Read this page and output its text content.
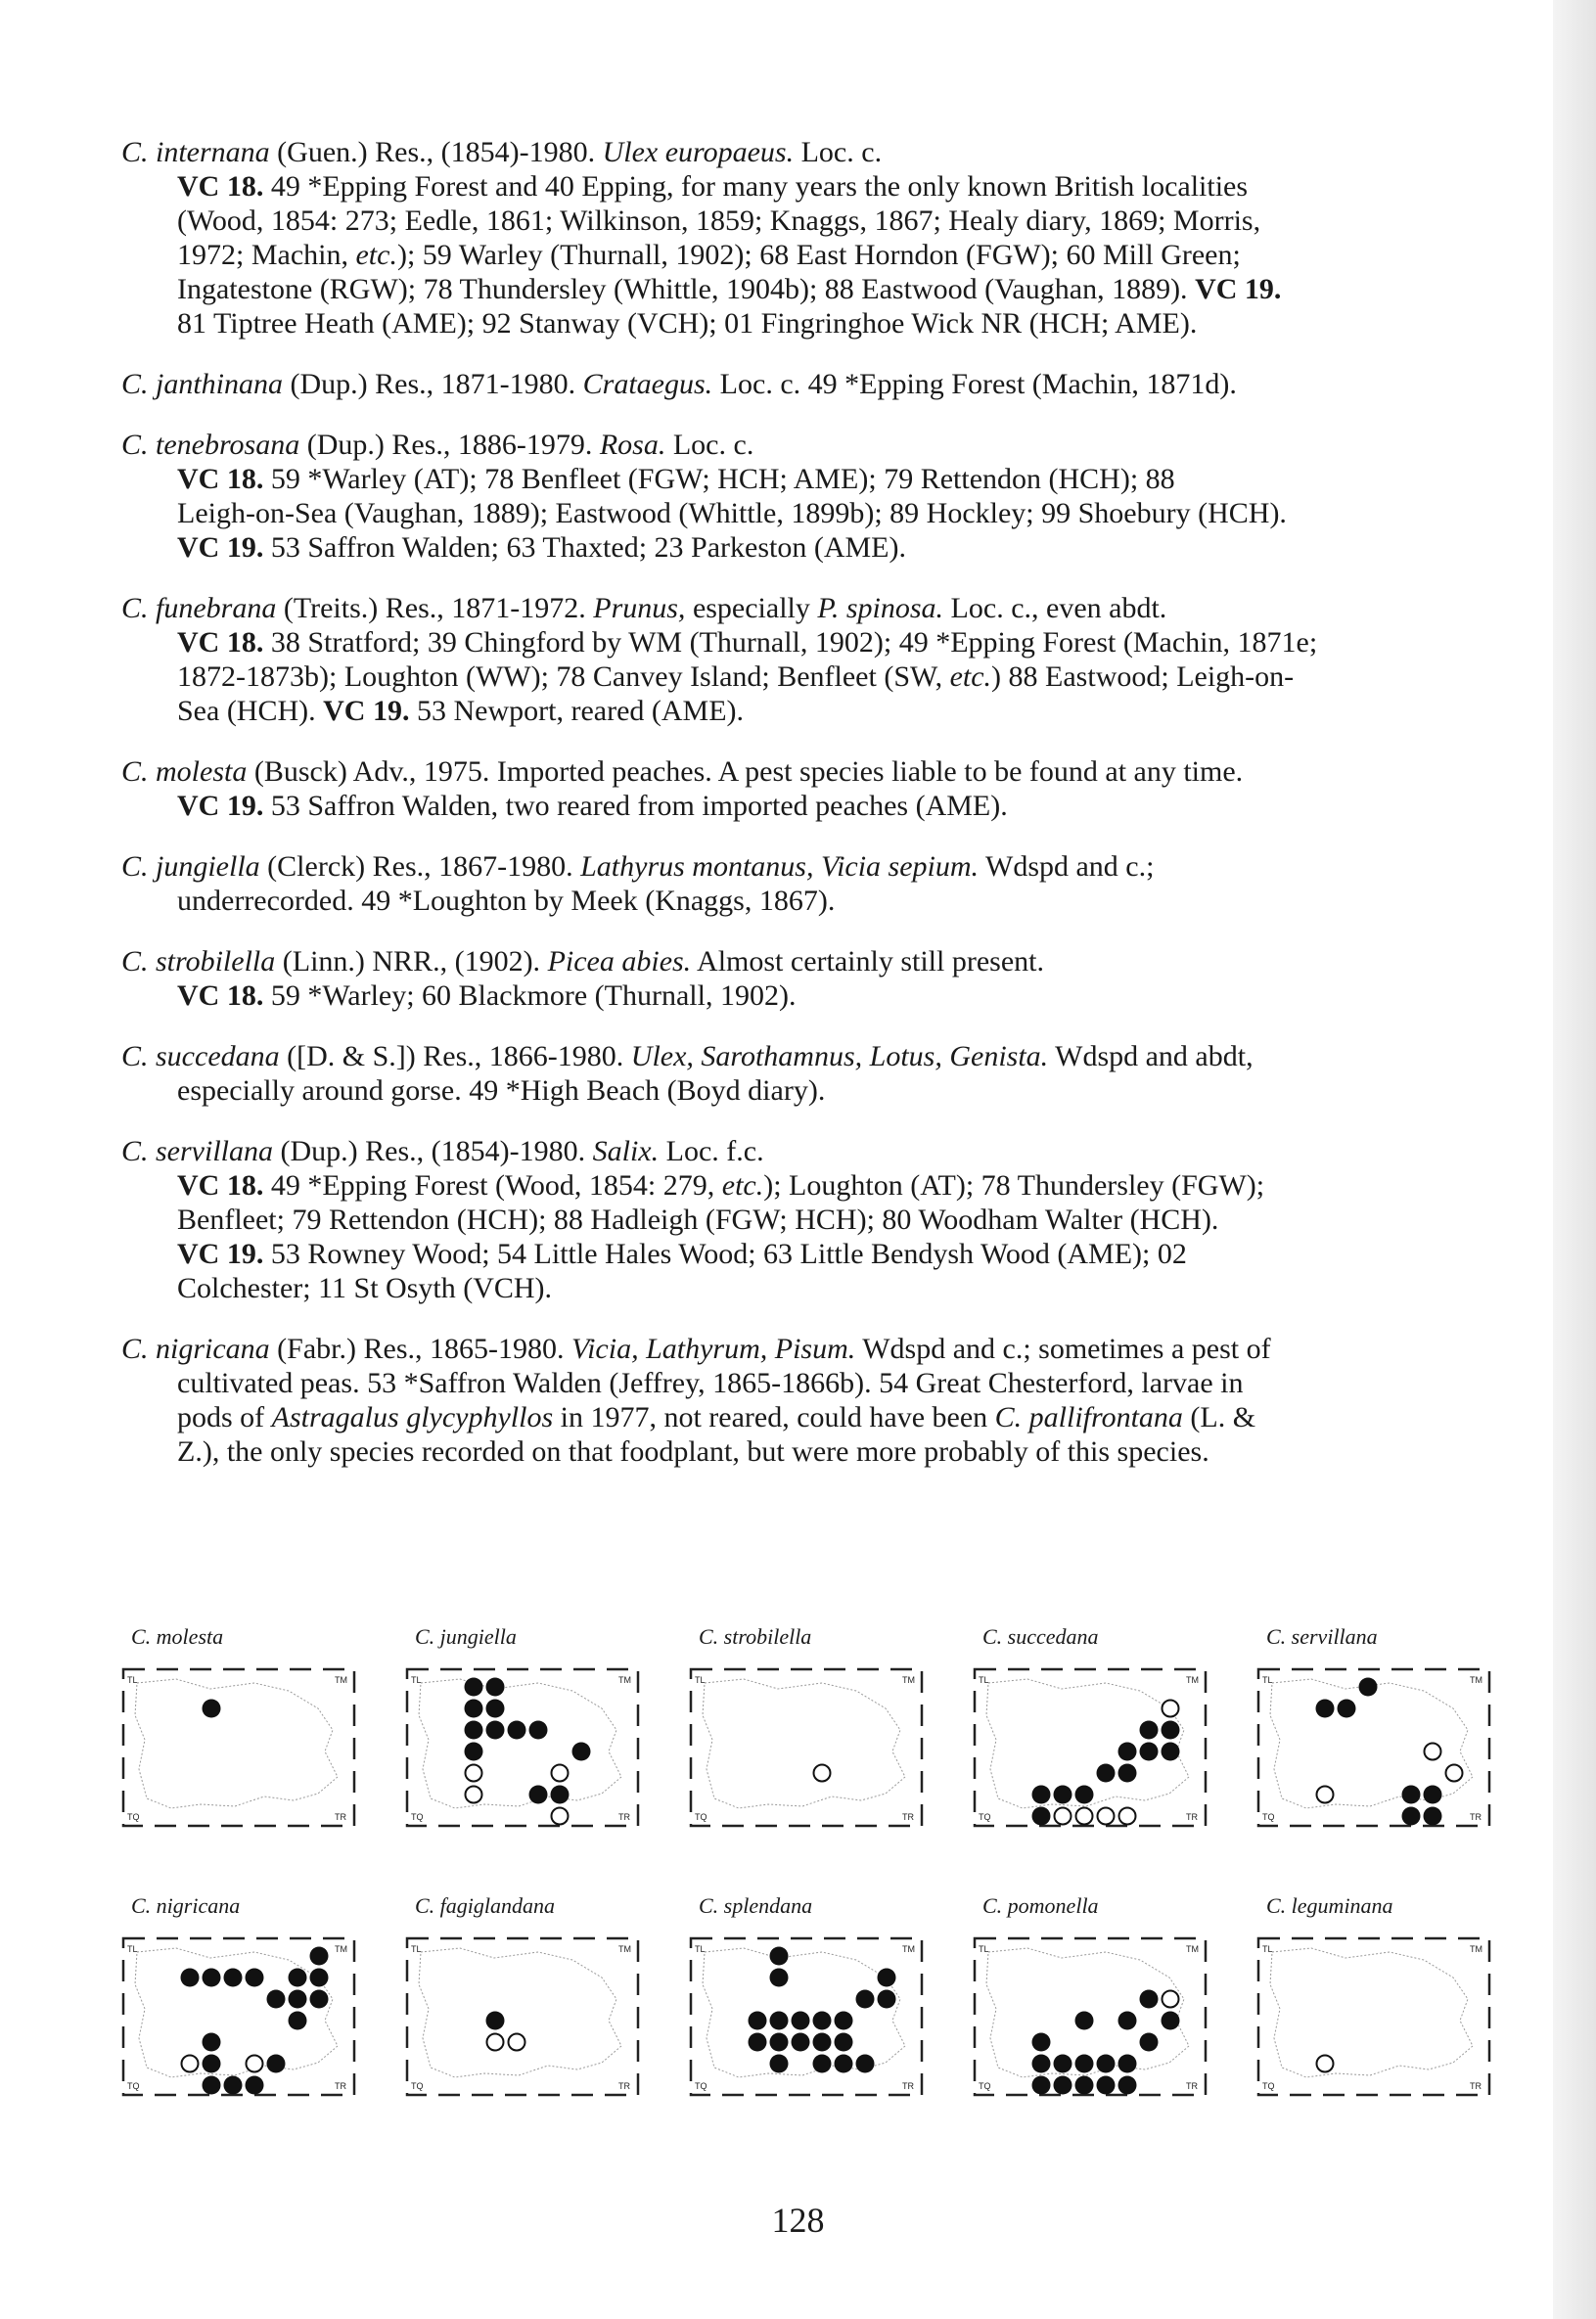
C. internana (Guen.) Res., (1854)-1980. Ulex europaeus. Loc. c.

VC 18. 49 *Epping Forest and 40 Epping, for many years the only known British localities

(Wood, 1854: 273; Eedle, 1861; Wilkinson, 1859; Knaggs, 1867; Healy diary, 1869; Morris,

1972; Machin, etc.); 59 Warley (Thurnall, 1902); 68 East Horndon (FGW); 60 Mill Green;

Ingatestone (RGW); 78 Thundersley (Whittle, 1904b); 88 Eastwood (Vaughan, 1889). VC 19.

81 Tiptree Heath (AME); 92 Stanway (VCH); 01 Fingringhoe Wick NR (HCH; AME).

C. janthinana (Dup.) Res., 1871-1980. Crataegus. Loc. c. 49 *Epping Forest (Machin, 1871d).

C. tenebrosana (Dup.) Res., 1886-1979. Rosa. Loc. c.

VC 18. 59 *Warley (AT); 78 Benfleet (FGW; HCH; AME); 79 Rettendon (HCH); 88

Leigh-on-Sea (Vaughan, 1889); Eastwood (Whittle, 1899b); 89 Hockley; 99 Shoebury (HCH).

VC 19. 53 Saffron Walden; 63 Thaxted; 23 Parkeston (AME).

C. funebrana (Treits.) Res., 1871-1972. Prunus, especially P. spinosa. Loc. c., even abdt.

VC 18. 38 Stratford; 39 Chingford by WM (Thurnall, 1902); 49 *Epping Forest (Machin, 1871e;

1872-1873b); Loughton (WW); 78 Canvey Island; Benfleet (SW, etc.) 88 Eastwood; Leigh-on-

Sea (HCH). VC 19. 53 Newport, reared (AME).

C. molesta (Busck) Adv., 1975. Imported peaches. A pest species liable to be found at any time.

VC 19. 53 Saffron Walden, two reared from imported peaches (AME).

C. jungiella (Clerck) Res., 1867-1980. Lathyrus montanus, Vicia sepium. Wdspd and c.;

underrecorded. 49 *Loughton by Meek (Knaggs, 1867).

C. strobilella (Linn.) NRR., (1902). Picea abies. Almost certainly still present.

VC 18. 59 *Warley; 60 Blackmore (Thurnall, 1902).

C. succedana ([D. & S.]) Res., 1866-1980. Ulex, Sarothamnus, Lotus, Genista. Wdspd and abdt,

especially around gorse. 49 *High Beach (Boyd diary).

C. servillana (Dup.) Res., (1854)-1980. Salix. Loc. f.c.

VC 18. 49 *Epping Forest (Wood, 1854: 279, etc.); Loughton (AT); 78 Thundersley (FGW);

Benfleet; 79 Rettendon (HCH); 88 Hadleigh (FGW; HCH); 80 Woodham Walter (HCH).

VC 19. 53 Rowney Wood; 54 Little Hales Wood; 63 Little Bendysh Wood (AME); 02

Colchester; 11 St Osyth (VCH).

C. nigricana (Fabr.) Res., 1865-1980. Vicia, Lathyrum, Pisum. Wdspd and c.; sometimes a pest of

cultivated peas. 53 *Saffron Walden (Jeffrey, 1865-1866b). 54 Great Chesterford, larvae in

pods of Astragalus glycyphyllos in 1977, not reared, could have been C. pallifrontana (L. &

Z.), the only species recorded on that foodplant, but were more probably of this species.

C. molesta
TL	TM
TQ	TR
C. jungiella
TL	TM
TQ	TR
C. strobilella
TL	TM
TQ	TR
C. succedana
TL	TM
TQ	TR
C. servillana
TL	TM
TQ	TR
C. nigricana
TL	TM
TQ	TR
C. fagiglandana
TL	TM
TQ	TR
C. splendana
TL	TM
TQ	TR
C. pomonella
TL	TM
TQ	TR
C. leguminana
TL	TM
TQ	TR
128
